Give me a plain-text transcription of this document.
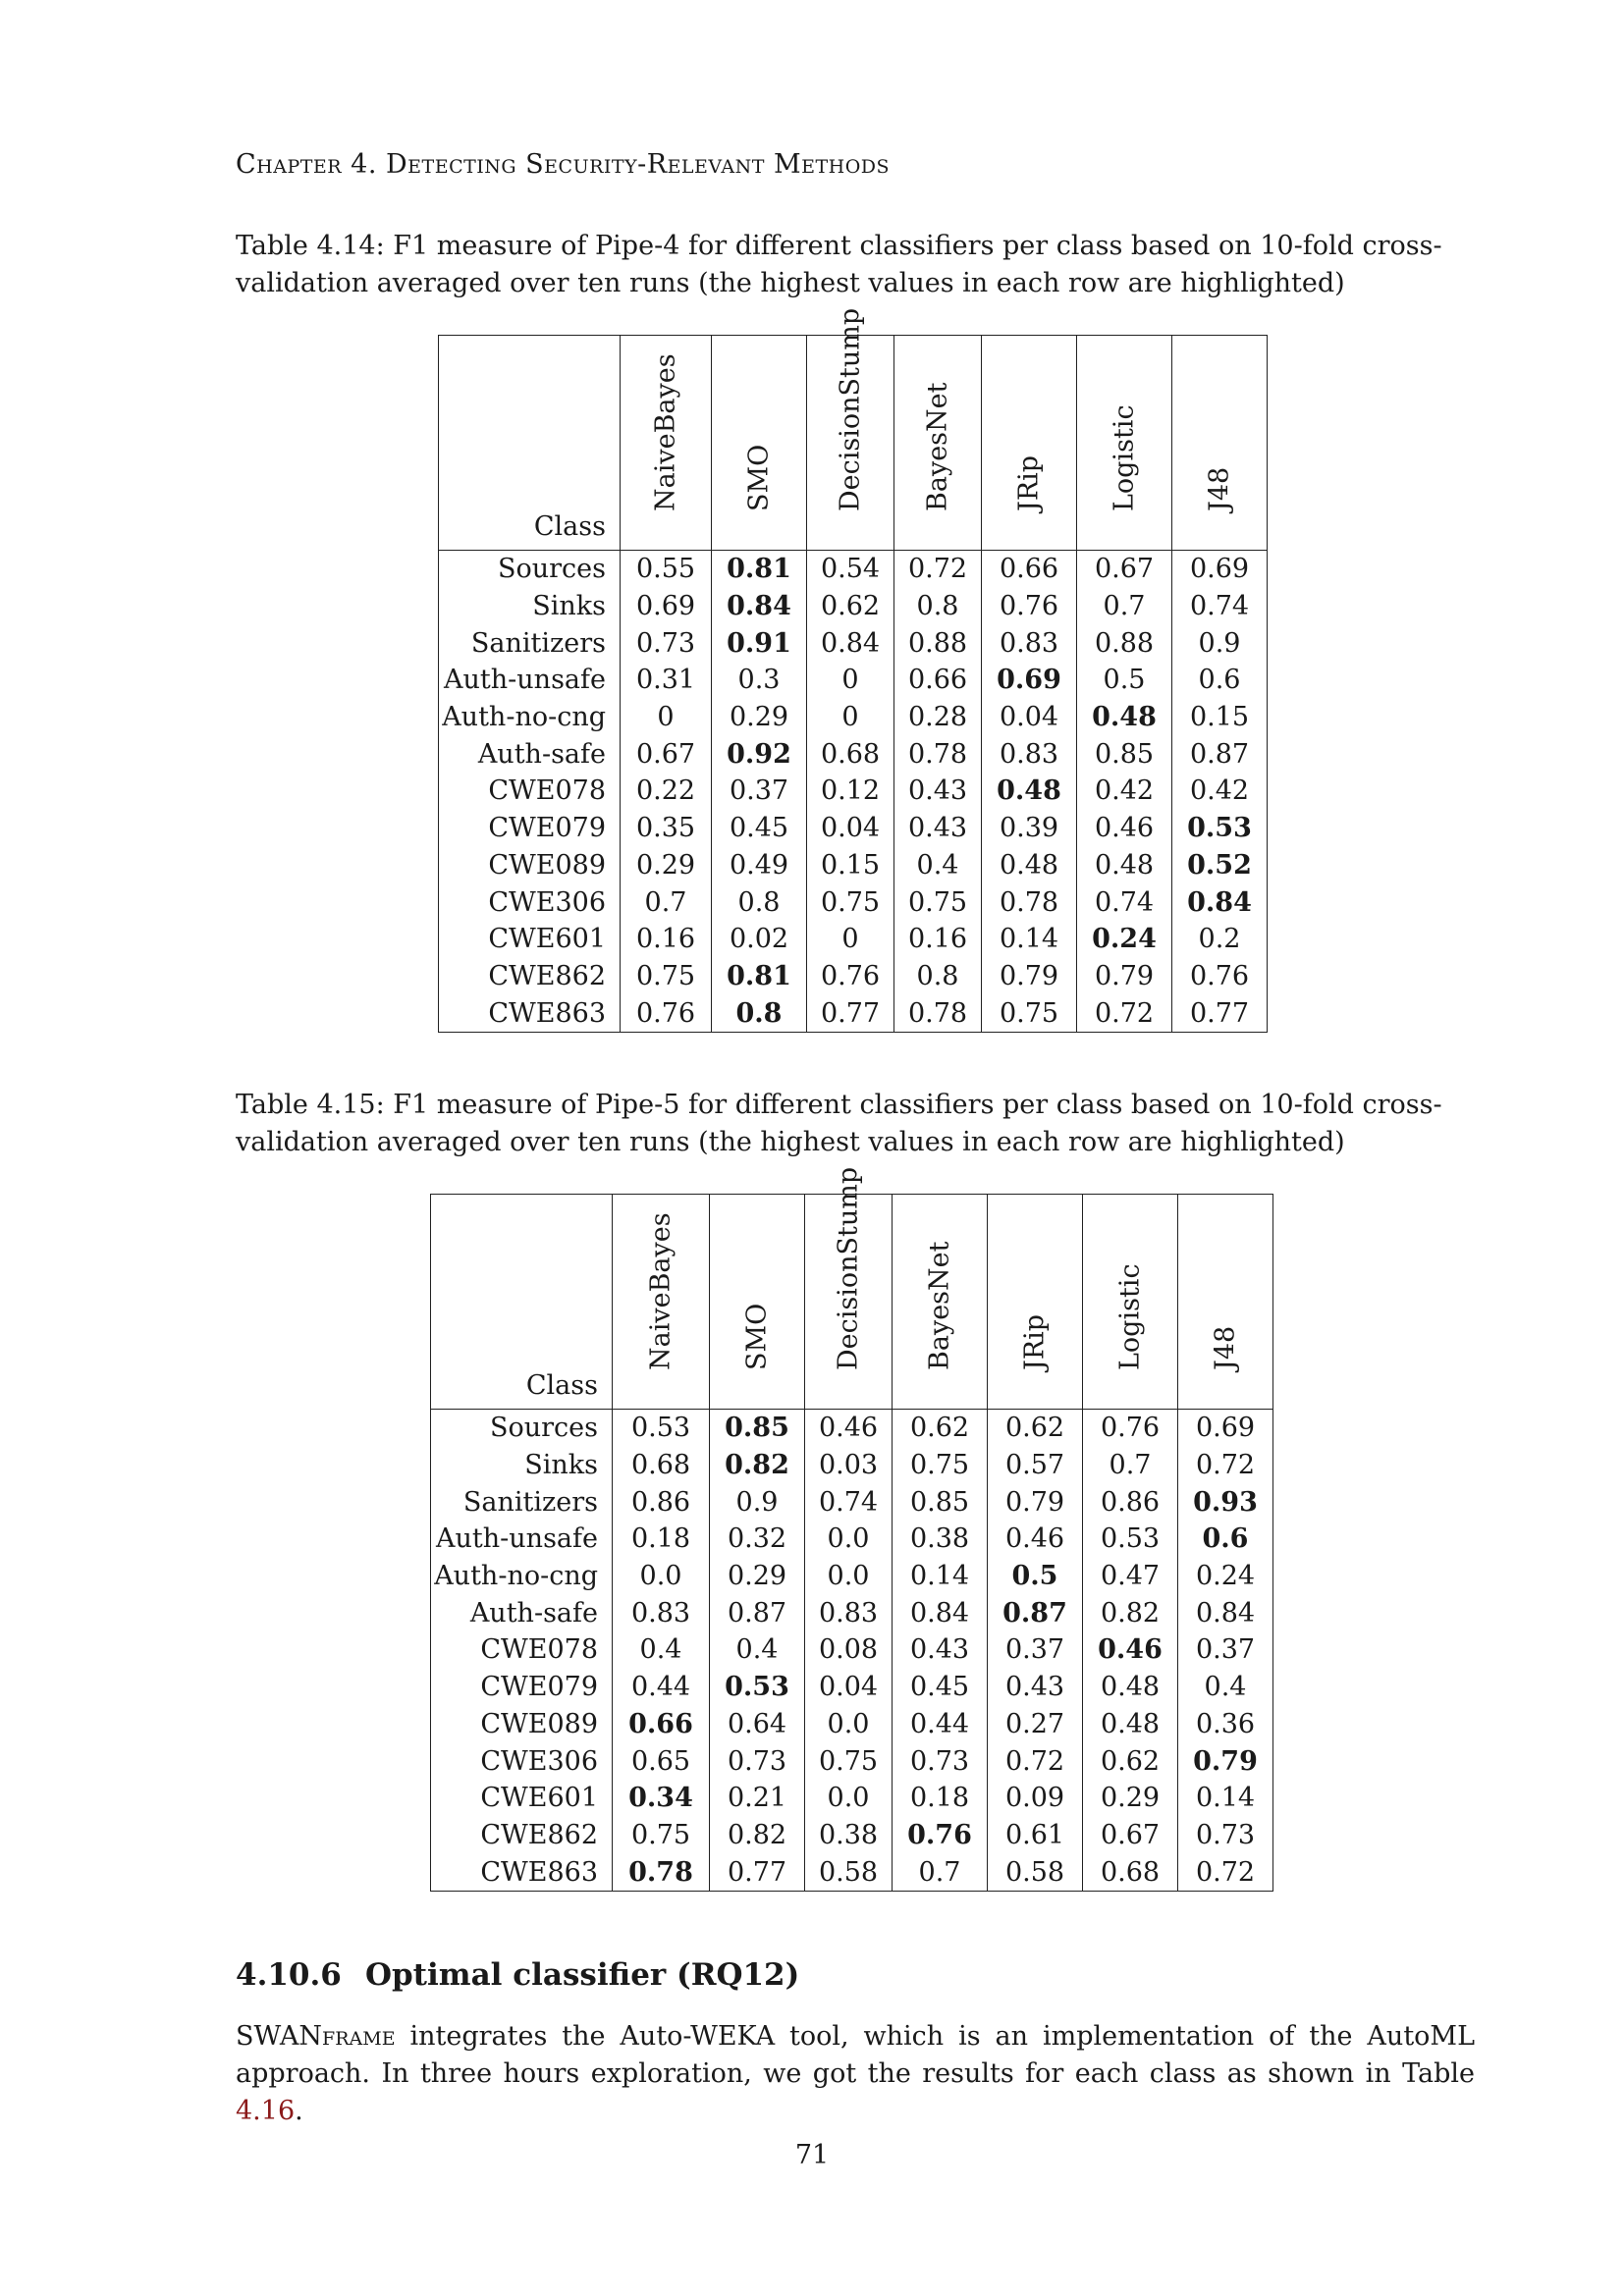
Chapter 4. Detecting Security-Relevant Methods
Table 4.14: F1 measure of Pipe-4 for different classifiers per class based on 10-fold cross-
validation averaged over ten runs (the highest values in each row are highlighted)
Class	NaiveBayes	SMO	DecisionStump	BayesNet	JRip	Logistic	J48

Sources	0.55	0.81	0.54	0.72	0.66	0.67	0.69
Sinks	0.69	0.84	0.62	0.8	0.76	0.7	0.74
Sanitizers	0.73	0.91	0.84	0.88	0.83	0.88	0.9
Auth-unsafe	0.31	0.3	0	0.66	0.69	0.5	0.6
Auth-no-cng	0	0.29	0	0.28	0.04	0.48	0.15
Auth-safe	0.67	0.92	0.68	0.78	0.83	0.85	0.87
CWE078	0.22	0.37	0.12	0.43	0.48	0.42	0.42
CWE079	0.35	0.45	0.04	0.43	0.39	0.46	0.53
CWE089	0.29	0.49	0.15	0.4	0.48	0.48	0.52
CWE306	0.7	0.8	0.75	0.75	0.78	0.74	0.84
CWE601	0.16	0.02	0	0.16	0.14	0.24	0.2
CWE862	0.75	0.81	0.76	0.8	0.79	0.79	0.76
CWE863	0.76	0.8	0.77	0.78	0.75	0.72	0.77
Table 4.15: F1 measure of Pipe-5 for different classifiers per class based on 10-fold cross-
validation averaged over ten runs (the highest values in each row are highlighted)
Class	NaiveBayes	SMO	DecisionStump	BayesNet	JRip	Logistic	J48

Sources	0.53	0.85	0.46	0.62	0.62	0.76	0.69
Sinks	0.68	0.82	0.03	0.75	0.57	0.7	0.72
Sanitizers	0.86	0.9	0.74	0.85	0.79	0.86	0.93
Auth-unsafe	0.18	0.32	0.0	0.38	0.46	0.53	0.6
Auth-no-cng	0.0	0.29	0.0	0.14	0.5	0.47	0.24
Auth-safe	0.83	0.87	0.83	0.84	0.87	0.82	0.84
CWE078	0.4	0.4	0.08	0.43	0.37	0.46	0.37
CWE079	0.44	0.53	0.04	0.45	0.43	0.48	0.4
CWE089	0.66	0.64	0.0	0.44	0.27	0.48	0.36
CWE306	0.65	0.73	0.75	0.73	0.72	0.62	0.79
CWE601	0.34	0.21	0.0	0.18	0.09	0.29	0.14
CWE862	0.75	0.82	0.38	0.76	0.61	0.67	0.73
CWE863	0.78	0.77	0.58	0.7	0.58	0.68	0.72
4.10.6 Optimal classifier (RQ12)
SWANframe integrates the Auto-WEKA tool, which is an implementation of the AutoML approach. In three hours exploration, we got the results for each class as shown in Table 4.16.
71
